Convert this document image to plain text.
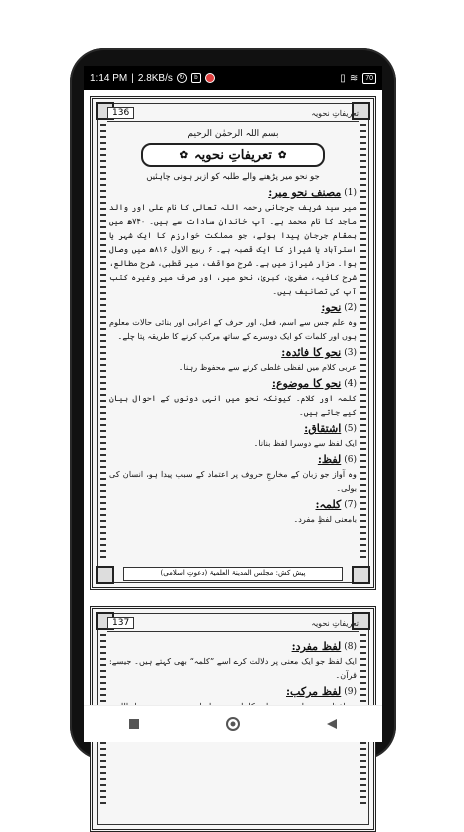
1:14 PM | 2.8KB/s	↻	b	▯ ≋	70
136	تعریفاتِ نحویہ
بسم اللہ الرحمٰن الرحیم
✿
تعریفاتِ نحویہ
✿
جو نحو میر پڑھنے والے طلبہ کو ازبر ہونی چاہئیں
(1)
مصنف نحو میر:
میر سید شریف جرجانی رحمہ اللہ تعالی کا نام علی اور والد ماجد کا نام محمد ہے۔ آپ خاندانِ سادات سے ہیں۔ ۷۴۰ھ میں بمقام جرجان پیدا ہوئے، جو مملکت خوارزم کا ایک شہر یا استرآباد یا شیراز کا ایک قصبہ ہے۔ ۶ ربیع الاول ۸۱۶ھ میں وصال ہوا۔ مزار شیراز میں ہے۔ شرح مواقف، میر قطبی، شرح مطالع، شرح کافیہ، صغریٰ، کبریٰ، نحو میر، اور صرف میر وغیرہ کتب آپ کی تصانیف ہیں۔
(2)
نحو:
وہ علم جس سے اسم، فعل، اور حرف کے اعرابی اور بنائی حالات معلوم ہوں اور کلمات کو ایک دوسرے کے ساتھ مرکب کرنے کا طریقہ پتا چلے۔
(3)
نحو کا فائدہ:
عربی کلام میں لفظی غلطی کرنے سے محفوظ رہنا۔
(4)
نحو کا موضوع:
کلمہ اور کلام۔ کیونکہ نحو میں انہی دونوں کے احوال بیان کیے جاتے ہیں۔
(5)
اشتقاق:
ایک لفظ سے دوسرا لفظ بنانا۔
(6)
لفظ:
وہ آواز جو زبان کے مخارجِ حروف پر اعتماد کے سبب پیدا ہو، انسان کی بولی۔
(7)
کلمہ:
بامعنی لفظِ مفرد۔
پیش کش: مجلس المدینۃ العلمیۃ (دعوتِ اسلامی)
137	تعریفاتِ نحویہ
(8)
لفظ مفرد:
ایک لفظ جو ایک معنی پر دلالت کرے اسے ”کلمہ“ بھی کہتے ہیں۔ جیسے: قرآن۔
(9)
لفظ مرکب:
